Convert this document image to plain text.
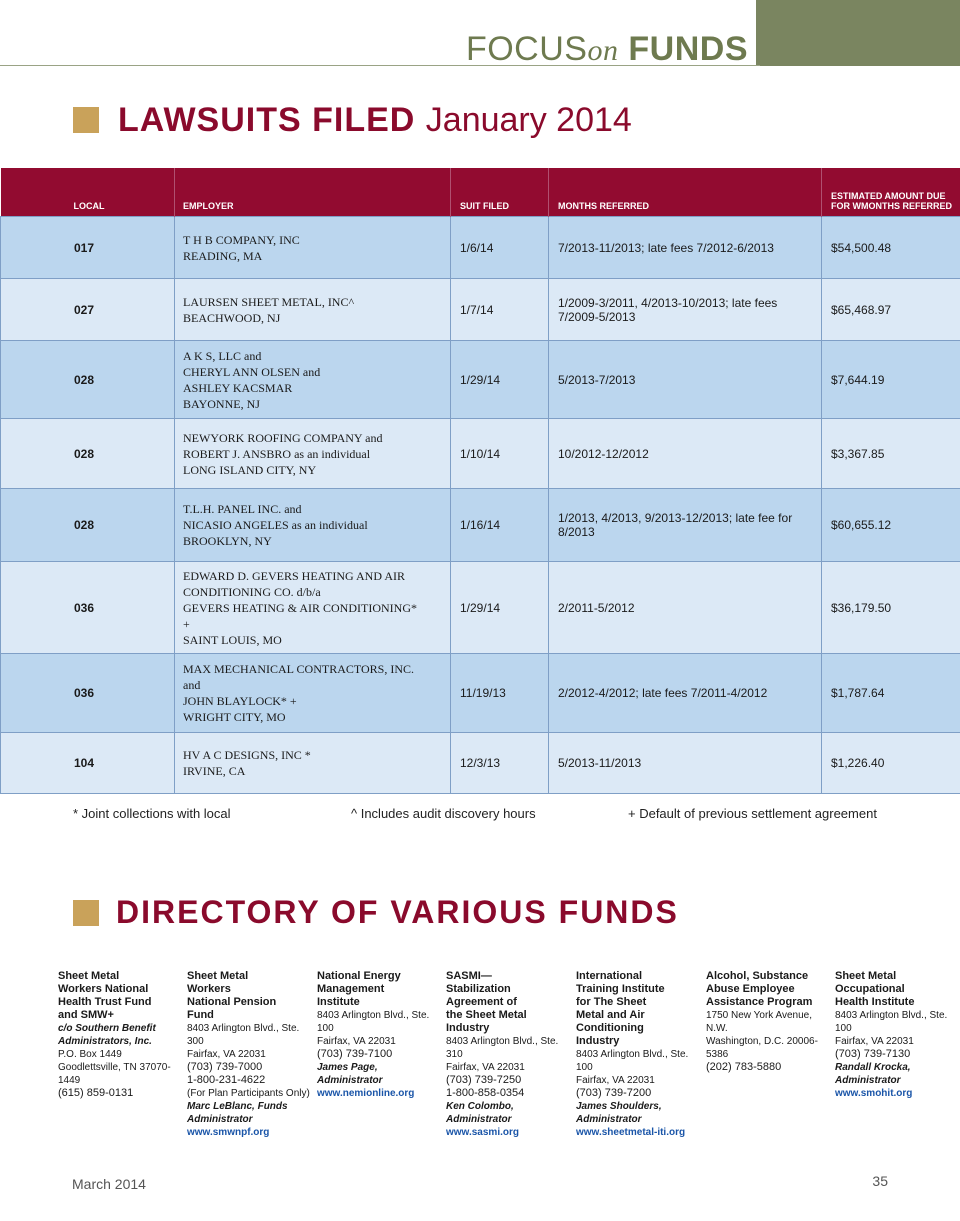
FOCUSon FUNDS
LAWSUITS FILED January 2014
LOCAL	EMPLOYER	SUIT FILED	MONTHS REFERRED	ESTIMATED AMOUNT DUE
FOR WMONTHS REFERRED

017	T H B COMPANY, INC
READING, MA	1/6/14	7/2013-11/2013; late fees 7/2012-6/2013	$54,500.48
027	LAURSEN SHEET METAL, INC^
BEACHWOOD, NJ	1/7/14	1/2009-3/2011, 4/2013-10/2013; late fees 7/2009-5/2013	$65,468.97
028	A K S, LLC and
CHERYL ANN OLSEN and
ASHLEY KACSMAR
BAYONNE, NJ	1/29/14	5/2013-7/2013	$7,644.19
028	NEWYORK ROOFING COMPANY and
ROBERT J. ANSBRO as an individual
LONG ISLAND CITY, NY	1/10/14	10/2012-12/2012	$3,367.85
028	T.L.H. PANEL INC. and
NICASIO ANGELES as an individual
BROOKLYN, NY	1/16/14	1/2013, 4/2013, 9/2013-12/2013; late fee for 8/2013	$60,655.12
036	EDWARD D. GEVERS HEATING AND AIR
CONDITIONING CO. d/b/a
GEVERS HEATING & AIR CONDITIONING*
+
SAINT LOUIS, MO	1/29/14	2/2011-5/2012	$36,179.50
036	MAX MECHANICAL CONTRACTORS, INC.
and
JOHN BLAYLOCK* +
WRIGHT CITY, MO	11/19/13	2/2012-4/2012; late fees 7/2011-4/2012	$1,787.64
104	HV A C DESIGNS, INC *
IRVINE, CA	12/3/13	5/2013-11/2013	$1,226.40
* Joint collections with local	^ Includes audit discovery hours	+ Default of previous settlement agreement
DIRECTORY OF VARIOUS FUNDS
Sheet Metal
Workers National
Health Trust Fund
and SMW+
c/o Southern Benefit
Administrators, Inc.
P.O. Box 1449
Goodlettsville, TN 37070-1449
(615) 859-0131
Sheet Metal
Workers
National Pension
Fund
8403 Arlington Blvd., Ste. 300
Fairfax, VA 22031
(703) 739-7000
1-800-231-4622
(For Plan Participants Only)
Marc LeBlanc, Funds
Administrator
www.smwnpf.org
National Energy
Management
Institute
8403 Arlington Blvd., Ste. 100
Fairfax, VA 22031
(703) 739-7100
James Page, Administrator
www.nemionline.org
SASMI—
Stabilization
Agreement of
the Sheet Metal
Industry
8403 Arlington Blvd., Ste. 310
Fairfax, VA 22031
(703) 739-7250
1-800-858-0354
Ken Colombo, Administrator
www.sasmi.org
International
Training Institute
for The Sheet
Metal and Air
Conditioning
Industry
8403 Arlington Blvd., Ste. 100
Fairfax, VA 22031
(703) 739-7200
James Shoulders,
Administrator
www.sheetmetal-iti.org
Alcohol, Substance
Abuse Employee
Assistance Program
1750 New York Avenue, N.W.
Washington, D.C. 20006-5386
(202) 783-5880
Sheet Metal
Occupational
Health Institute
8403 Arlington Blvd., Ste. 100
Fairfax, VA 22031
(703) 739-7130
Randall Krocka,
Administrator
www.smohit.org
March 2014	35
